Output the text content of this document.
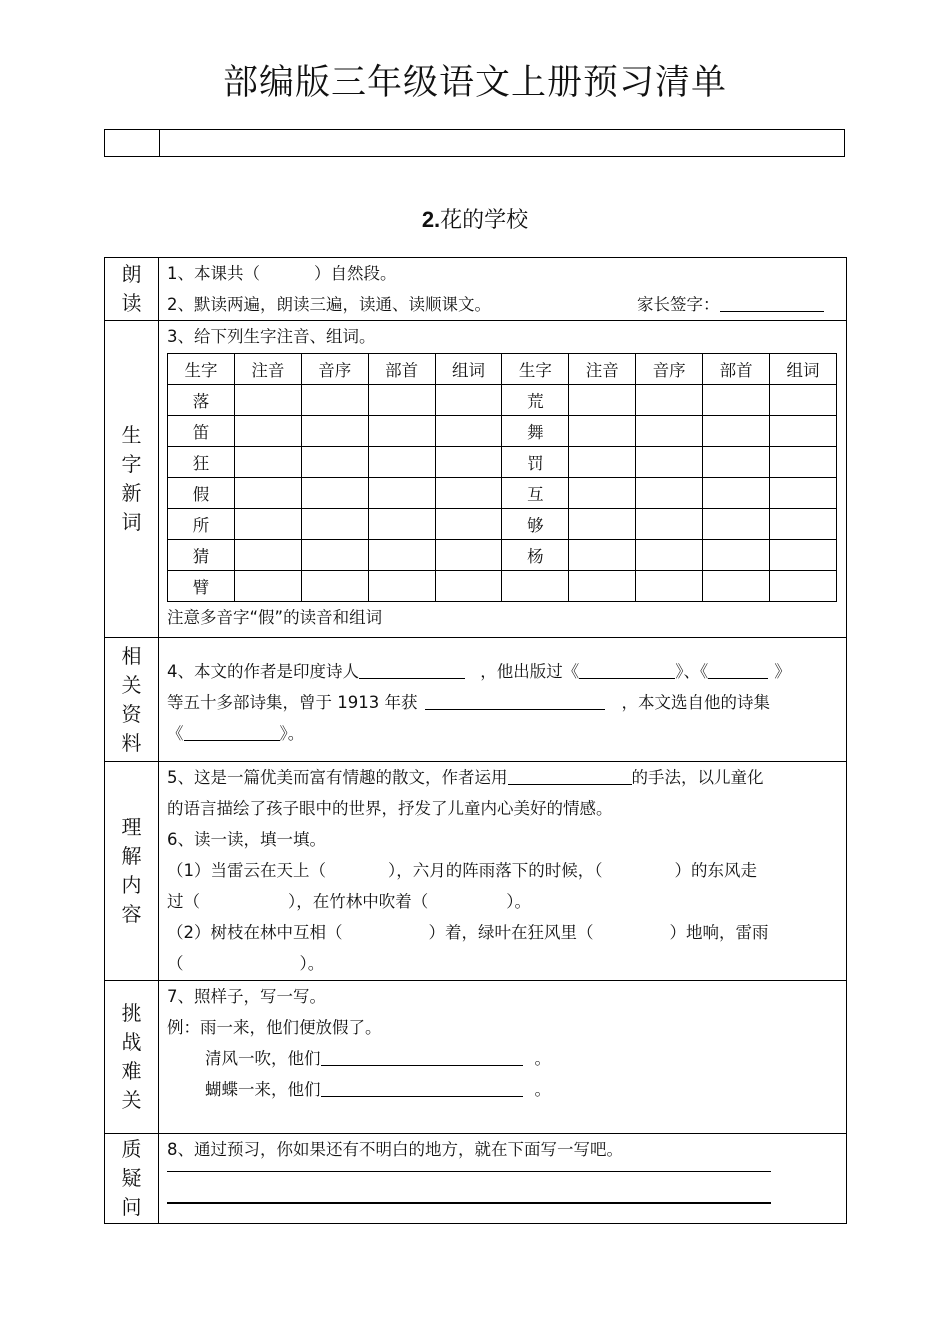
部编版三年级语文上册预习清单
2.花的学校
朗
读

1、本课共（	）自然段。
2、默读两遍，朗读三遍，读通、读顺课文。	家长签字：

生
字
新
词

3、给下列生字注音、组词。
生字	注音	音序	部首	组词	生字	注音	音序	部首	组词
落					荒				
笛					舞				
狂					罚				
假					互				
所					够				
猜					杨				
臂									
注意多音字“假”的读音和组词

相
关
资
料

4、本文的作者是印度诗人	，他出版过《	》、《	》
等五十多部诗集，曾于 1913 年获	，本文选自他的诗集
《	》。

理
解
内
容

5、这是一篇优美而富有情趣的散文，作者运用	的手法，以儿童化
的语言描绘了孩子眼中的世界，抒发了儿童内心美好的情感。
6、读一读，填一填。
（1）当雷云在天上（	），六月的阵雨落下的时候，（	）的东风走
过（	），在竹林中吹着（	）。
（2）树枝在林中互相（	）着，绿叶在狂风里（	）地响，雷雨
（	）。

挑
战
难
关

7、照样子，写一写。
例：雨一来，他们便放假了。
清风一吹，他们	。
蝴蝶一来，他们	。

质
疑
问

8、通过预习，你如果还有不明白的地方，就在下面写一写吧。
